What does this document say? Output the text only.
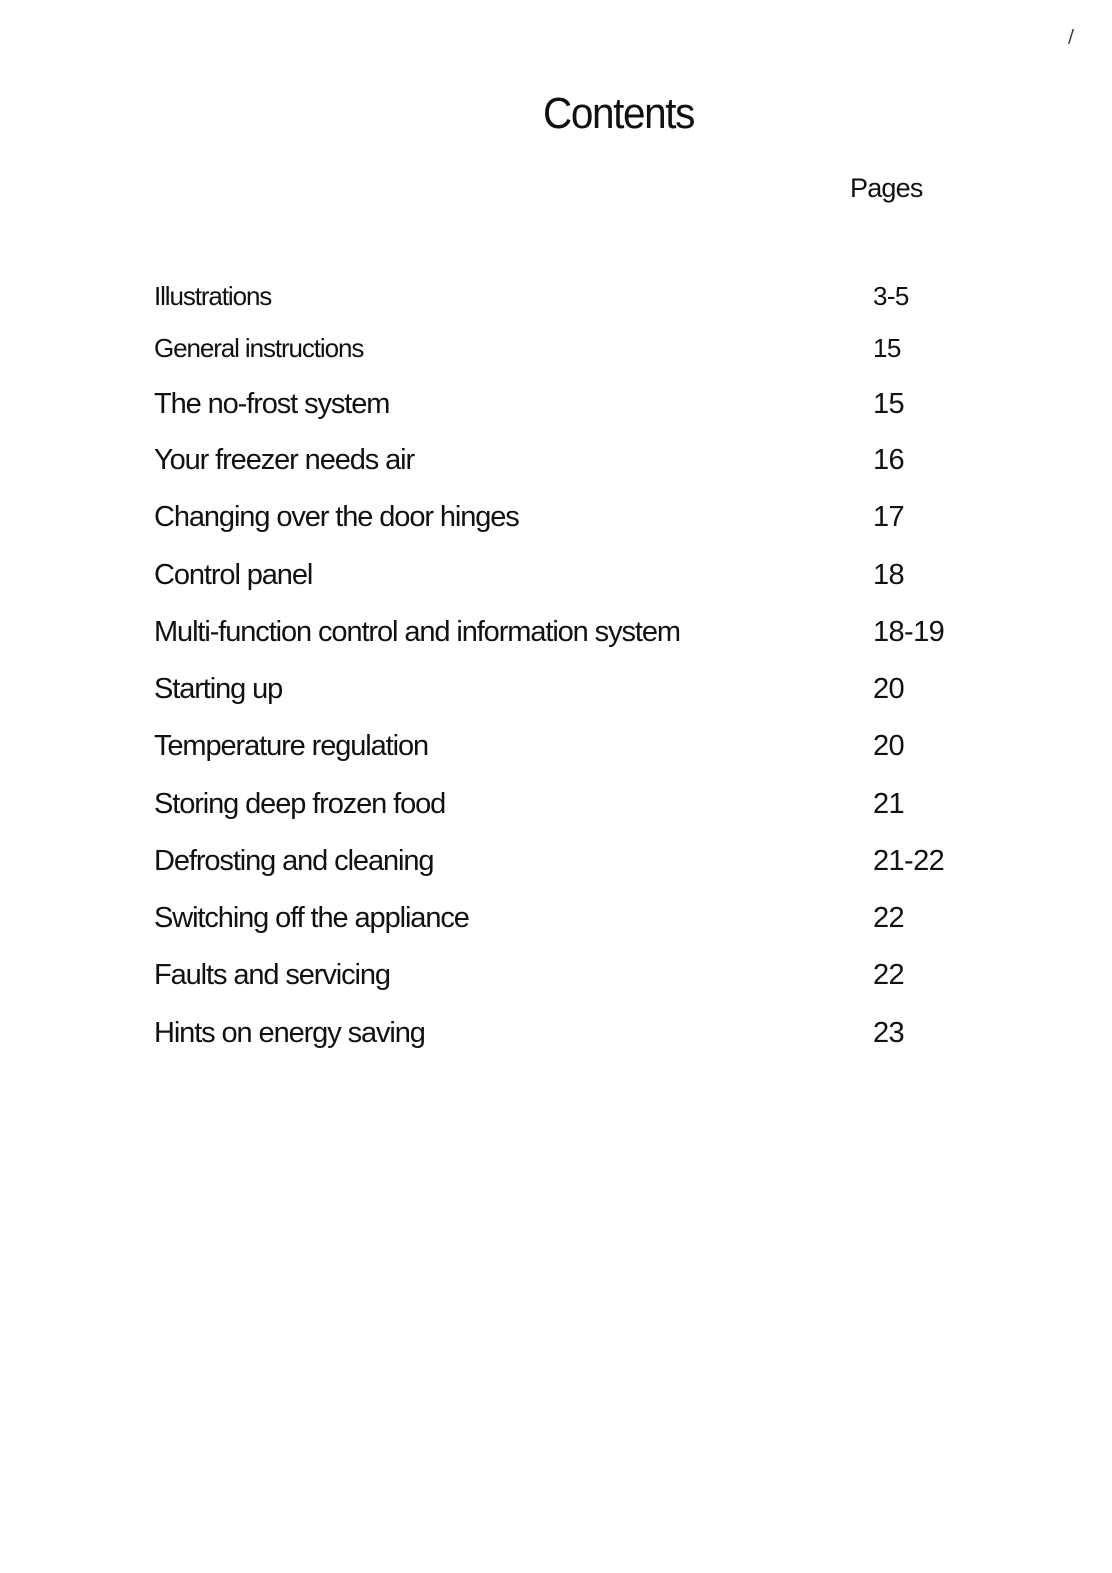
/
Contents
Pages
Illustrations	3-5
General instructions	15
The no-frost system	15
Your freezer needs air	16
Changing over the door hinges	17
Control panel	18
Multi-function control and information system	18-19
Starting up	20
Temperature regulation	20
Storing deep frozen food	21
Defrosting and cleaning	21-22
Switching off the appliance	22
Faults and servicing	22
Hints on energy saving	23
